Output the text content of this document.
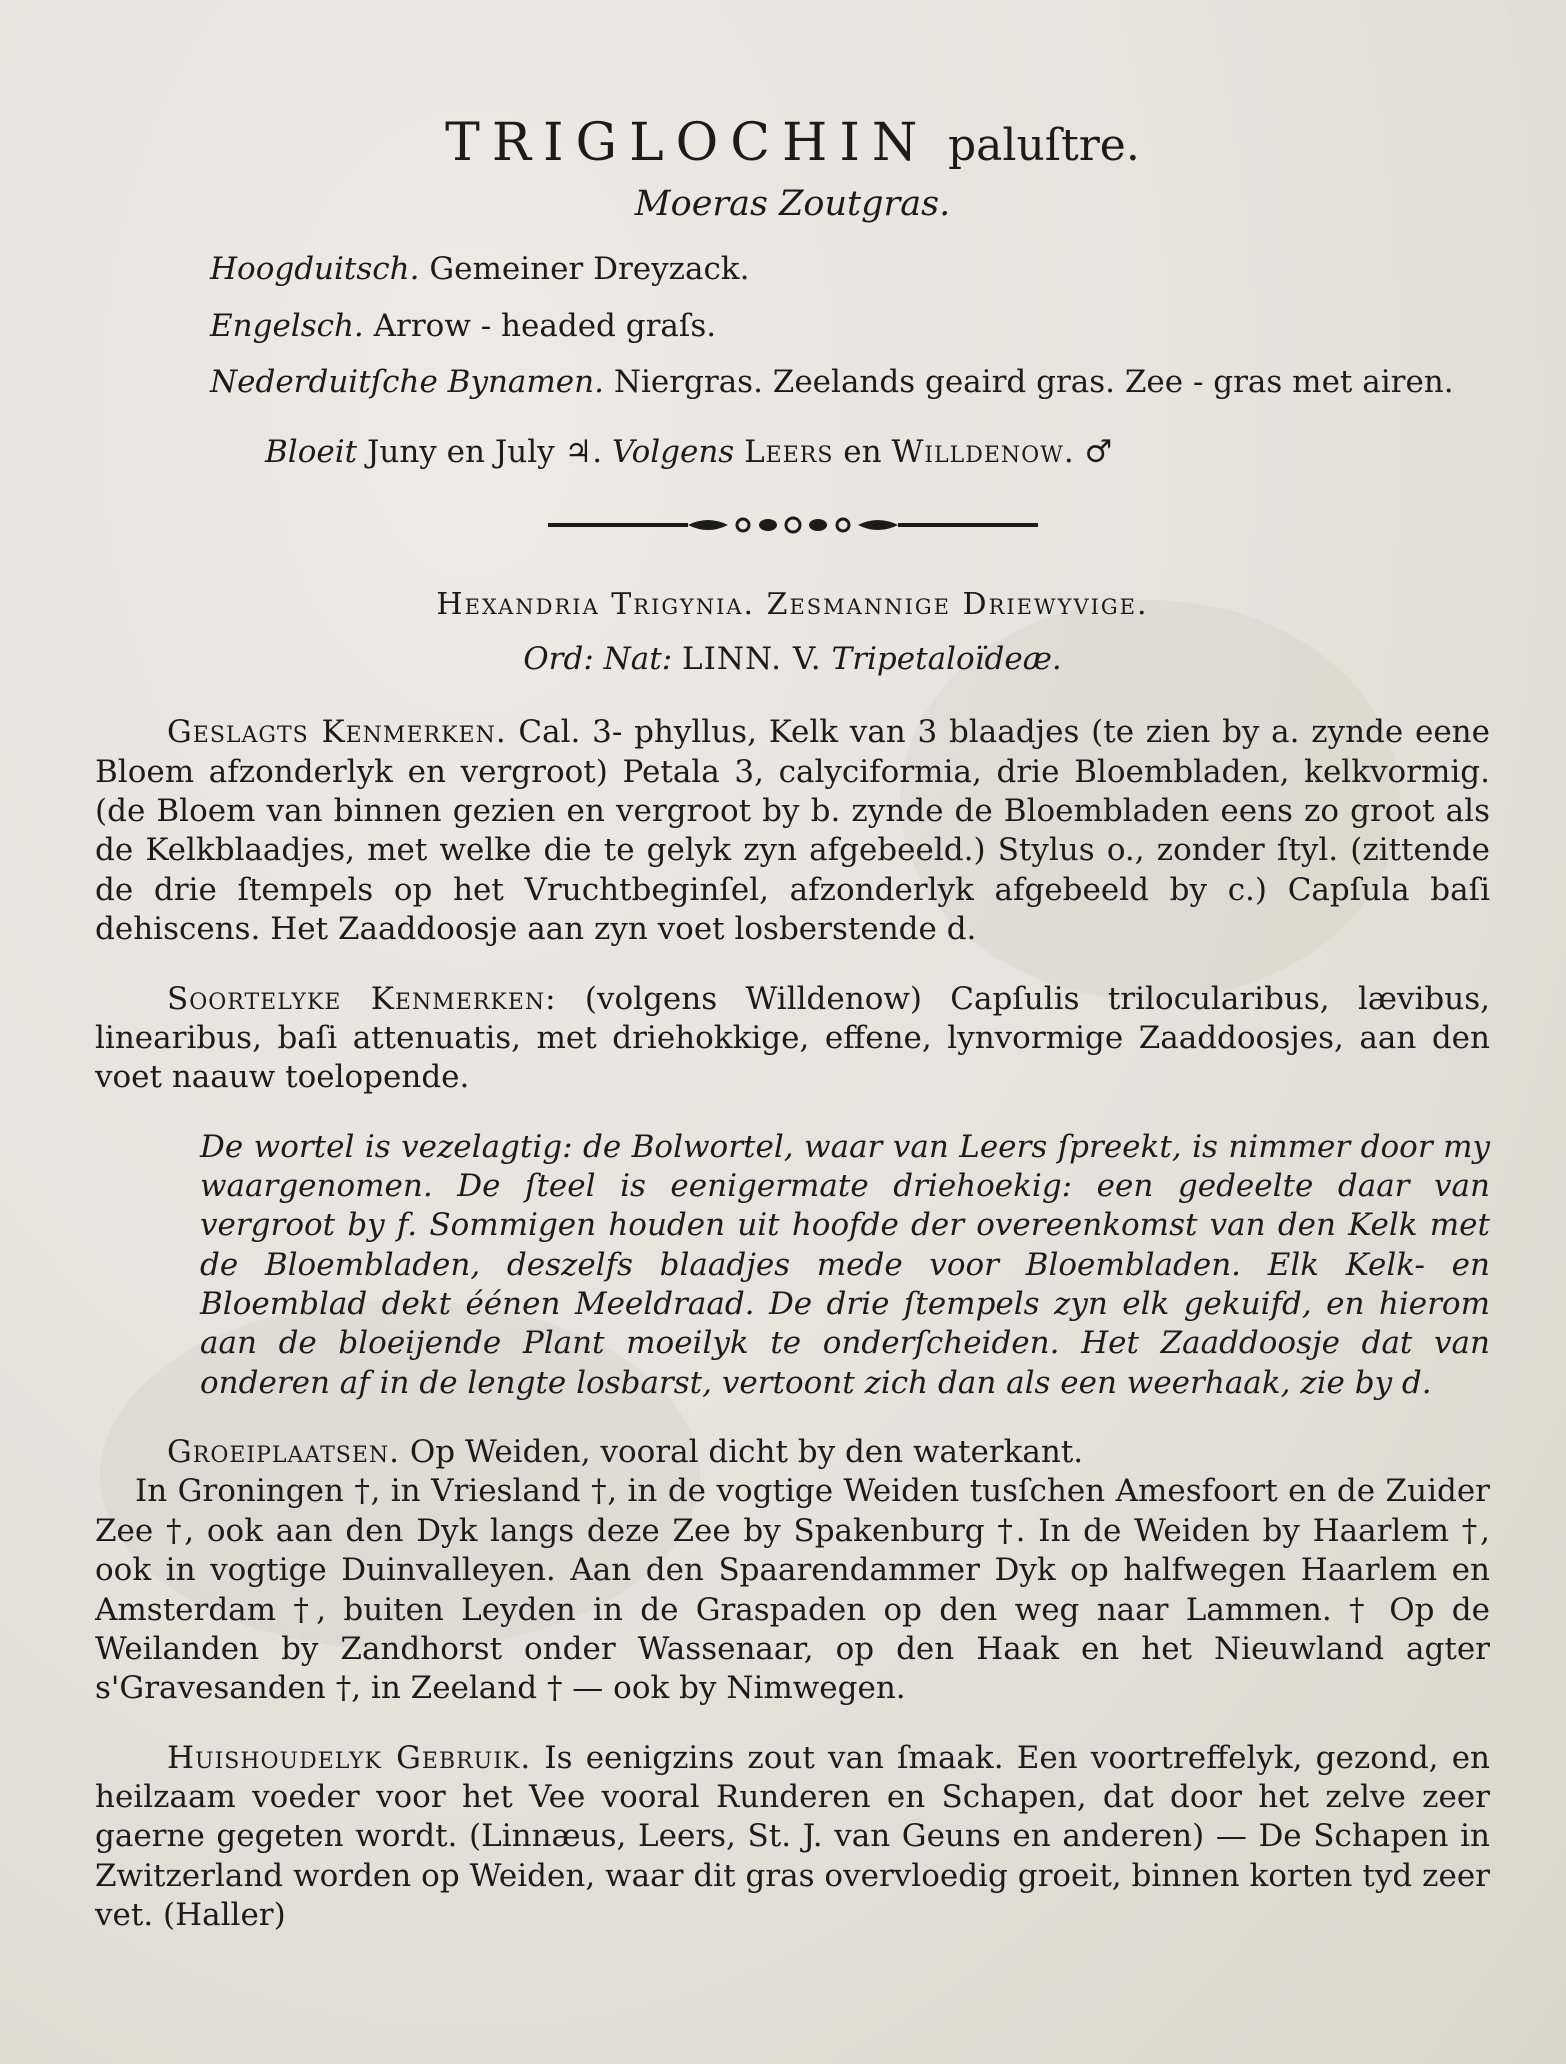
TRIGLOCHIN paluſtre.
Moeras Zoutgras.

Hoogduitsch. Gemeiner Dreyzack.

Engelsch. Arrow - headed graſs.

Nederduitſche Bynamen. Niergras. Zeelands geaird gras. Zee - gras met airen.

Bloeit Juny en July ♃. Volgens Leers en Willdenow. ♂
Hexandria Trigynia. Zesmannige Driewyvige.
Ord: Nat: LINN. V. Tripetaloïdeæ.

Geslagts Kenmerken. Cal. 3- phyllus, Kelk van 3 blaadjes (te zien by a. zynde eene Bloem afzonderlyk en vergroot) Petala 3, calyciformia, drie Bloembladen, kelkvormig. (de Bloem van binnen gezien en vergroot by b. zynde de Bloembladen eens zo groot als de Kelkblaadjes, met welke die te gelyk zyn afgebeeld.) Stylus o., zonder ſtyl. (zittende de drie ſtempels op het Vruchtbeginſel, afzonderlyk afgebeeld by c.) Capſula baſi dehiscens. Het Zaaddoosje aan zyn voet losberstende d.

Soortelyke Kenmerken: (volgens Willdenow) Capſulis trilocularibus, lævibus, linearibus, baſi attenuatis, met driehokkige, effene, lynvormige Zaaddoosjes, aan den voet naauw toelopende.

De wortel is vezelagtig: de Bolwortel, waar van Leers ſpreekt, is nimmer door my waargenomen. De ſteel is eenigermate driehoekig: een gedeelte daar van vergroot by f. Sommigen houden uit hoofde der overeenkomst van den Kelk met de Bloembladen, deszelfs blaadjes mede voor Bloembladen. Elk Kelk- en Bloemblad dekt éénen Meeldraad. De drie ſtempels zyn elk gekuifd, en hierom aan de bloeijende Plant moeilyk te onderſcheiden. Het Zaaddoosje dat van onderen af in de lengte losbarst, vertoont zich dan als een weerhaak, zie by d.

Groeiplaatsen. Op Weiden, vooral dicht by den waterkant.

In Groningen †, in Vriesland †, in de vogtige Weiden tusſchen Amesfoort en de Zuider Zee †, ook aan den Dyk langs deze Zee by Spakenburg †. In de Weiden by Haarlem †, ook in vogtige Duinvalleyen. Aan den Spaarendammer Dyk op halfwegen Haarlem en Amsterdam †, buiten Leyden in de Graspaden op den weg naar Lammen. † Op de Weilanden by Zandhorst onder Wassenaar, op den Haak en het Nieuwland agter s'Gravesanden †, in Zeeland † — ook by Nimwegen.

Huishoudelyk Gebruik. Is eenigzins zout van ſmaak. Een voortreffelyk, gezond, en heilzaam voeder voor het Vee vooral Runderen en Schapen, dat door het zelve zeer gaerne gegeten wordt. (Linnæus, Leers, St. J. van Geuns en anderen) — De Schapen in Zwitzerland worden op Weiden, waar dit gras overvloedig groeit, binnen korten tyd zeer vet. (Haller)
